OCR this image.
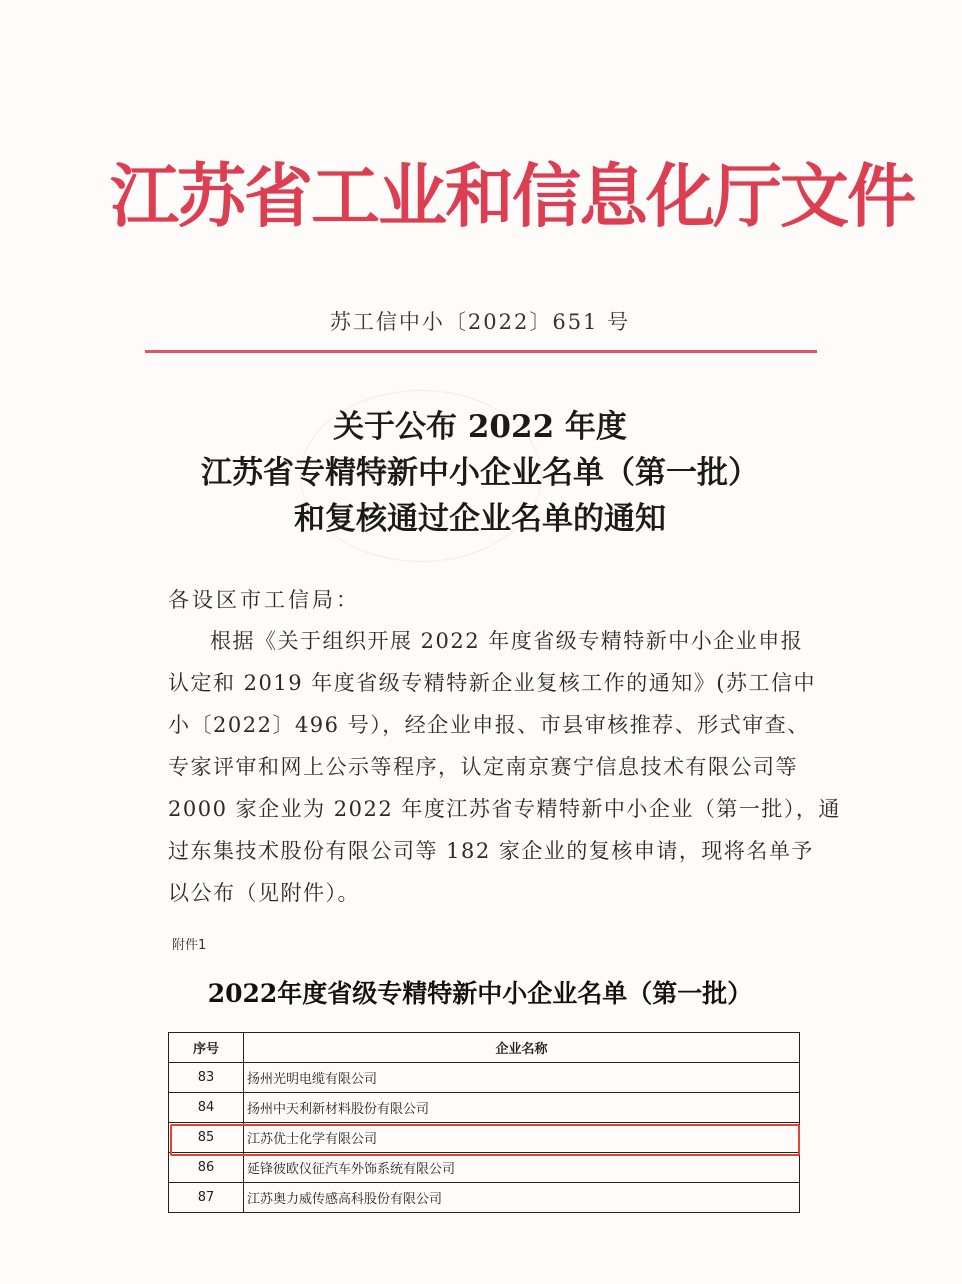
江苏省工业和信息化厅文件
苏工信中小〔2022〕651 号
关于公布 2022 年度
江苏省专精特新中小企业名单（第一批）
和复核通过企业名单的通知
各设区市工信局：
根据《关于组织开展 2022 年度省级专精特新中小企业申报
认定和 2019 年度省级专精特新企业复核工作的通知》(苏工信中
小〔2022〕496 号），经企业申报、市县审核推荐、形式审查、
专家评审和网上公示等程序，认定南京赛宁信息技术有限公司等
2000 家企业为 2022 年度江苏省专精特新中小企业（第一批），通
过东集技术股份有限公司等 182 家企业的复核申请，现将名单予
以公布（见附件）。
附件1
2022年度省级专精特新中小企业名单（第一批）
序号	企业名称
83	扬州光明电缆有限公司
84	扬州中天利新材料股份有限公司
85	江苏优士化学有限公司
86	延锋彼欧仪征汽车外饰系统有限公司
87	江苏奥力威传感高科股份有限公司
